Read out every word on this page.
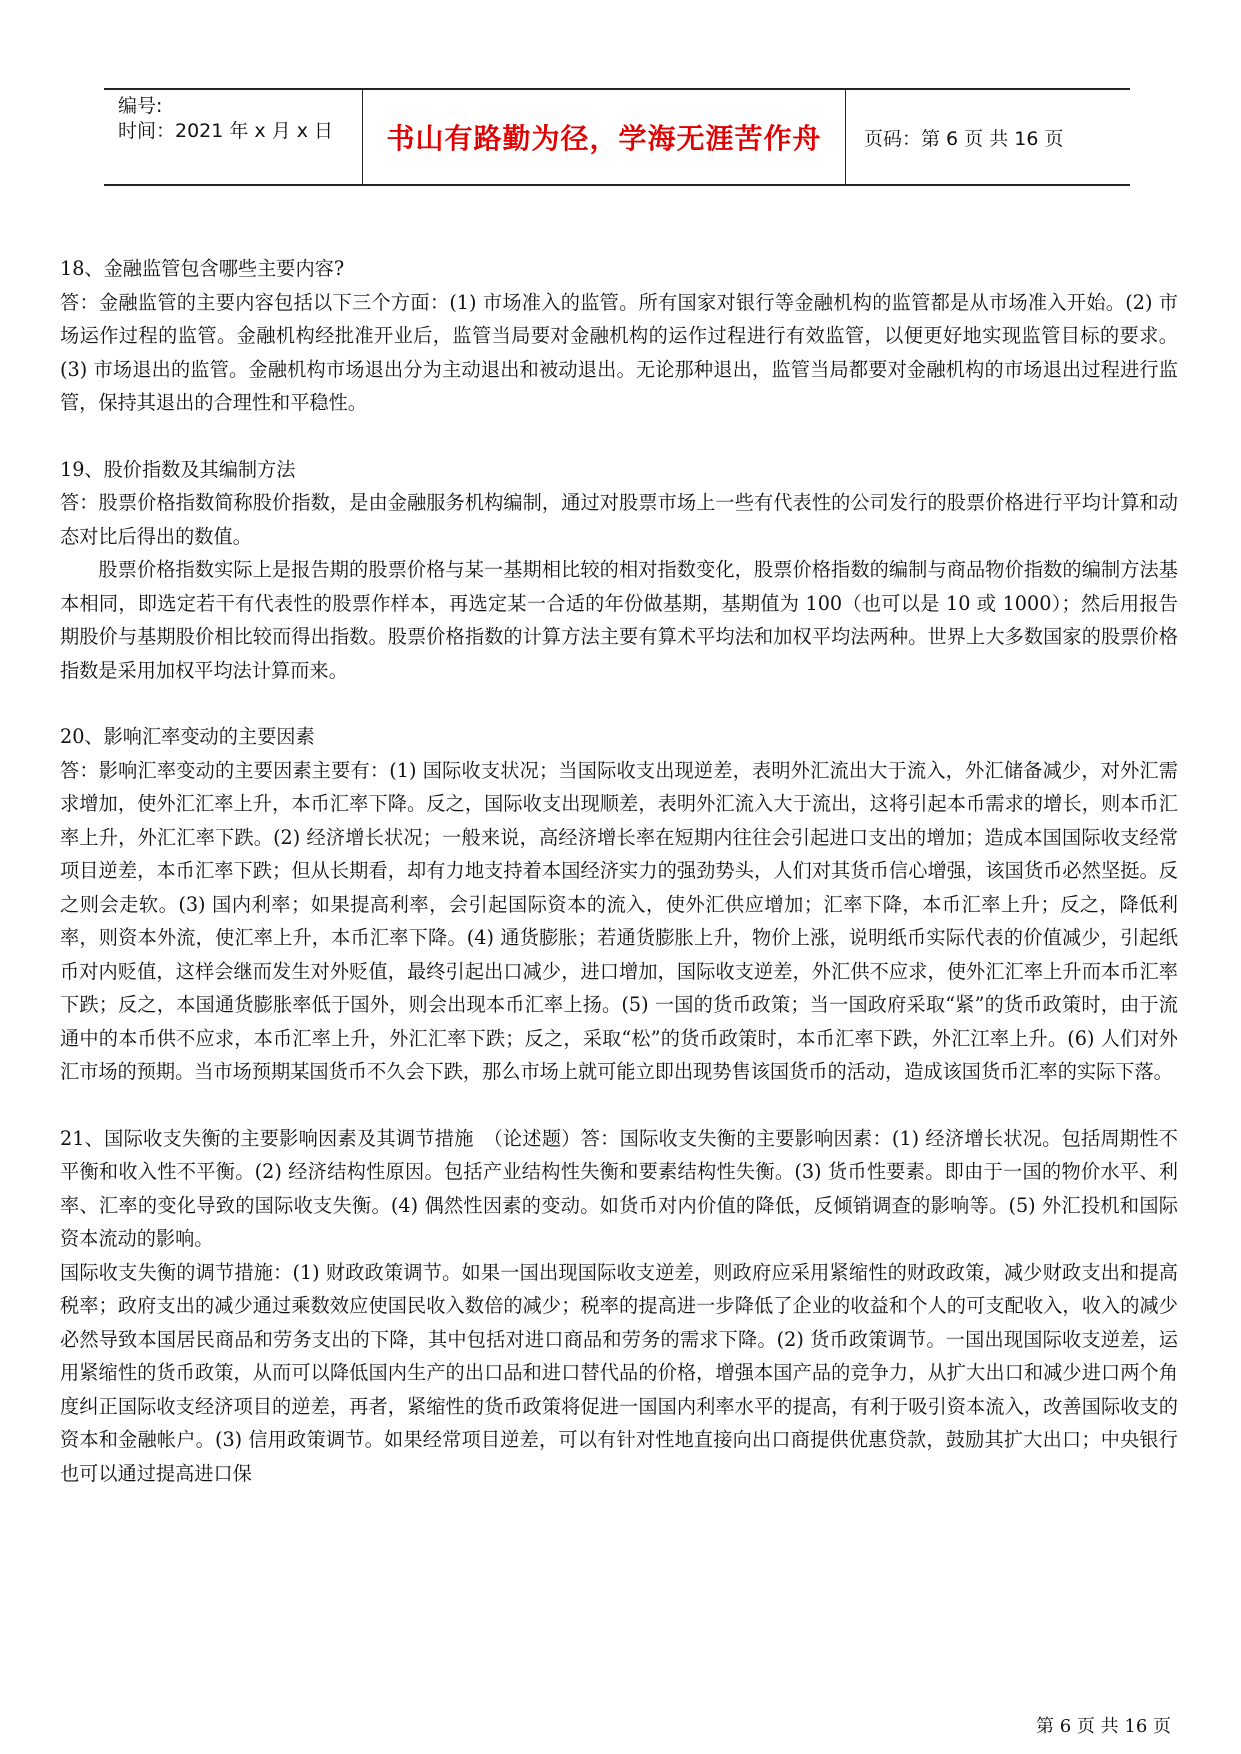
编号:
时间：2021 年 x 月 x 日 书山有路勤为径，学海无涯苦作舟 页码：第 6 页 共 16 页

18、金融监管包含哪些主要内容?

答：金融监管的主要内容包括以下三个方面：(1) 市场准入的监管。所有国家对银行等金融机构的监管都是从市场准入开始。(2) 市场运作过程的监管。金融机构经批准开业后，监管当局要对金融机构的运作过程进行有效监管，以便更好地实现监管目标的要求。(3) 市场退出的监管。金融机构市场退出分为主动退出和被动退出。无论那种退出，监管当局都要对金融机构的市场退出过程进行监管，保持其退出的合理性和平稳性。

19、股价指数及其编制方法

答：股票价格指数简称股价指数，是由金融服务机构编制，通过对股票市场上一些有代表性的公司发行的股票价格进行平均计算和动态对比后得出的数值。

股票价格指数实际上是报告期的股票价格与某一基期相比较的相对指数变化，股票价格指数的编制与商品物价指数的编制方法基本相同，即选定若干有代表性的股票作样本，再选定某一合适的年份做基期，基期值为 100（也可以是 10 或 1000）；然后用报告期股价与基期股价相比较而得出指数。股票价格指数的计算方法主要有算术平均法和加权平均法两种。世界上大多数国家的股票价格指数是采用加权平均法计算而来。

20、影响汇率变动的主要因素

答：影响汇率变动的主要因素主要有：(1) 国际收支状况；当国际收支出现逆差，表明外汇流出大于流入，外汇储备减少，对外汇需求增加，使外汇汇率上升，本币汇率下降。反之，国际收支出现顺差，表明外汇流入大于流出，这将引起本币需求的增长，则本币汇率上升，外汇汇率下跌。(2) 经济增长状况；一般来说，高经济增长率在短期内往往会引起进口支出的增加；造成本国国际收支经常项目逆差，本币汇率下跌；但从长期看，却有力地支持着本国经济实力的强劲势头，人们对其货币信心增强，该国货币必然坚挺。反之则会走软。(3) 国内利率；如果提高利率，会引起国际资本的流入，使外汇供应增加；汇率下降，本币汇率上升；反之，降低利率，则资本外流，使汇率上升，本币汇率下降。(4) 通货膨胀；若通货膨胀上升，物价上涨，说明纸币实际代表的价值减少，引起纸币对内贬值，这样会继而发生对外贬值，最终引起出口减少，进口增加，国际收支逆差，外汇供不应求，使外汇汇率上升而本币汇率下跌；反之，本国通货膨胀率低于国外，则会出现本币汇率上扬。(5) 一国的货币政策；当一国政府采取“紧”的货币政策时，由于流通中的本币供不应求，本币汇率上升，外汇汇率下跌；反之，采取“松”的货币政策时，本币汇率下跌，外汇江率上升。(6) 人们对外汇市场的预期。当市场预期某国货币不久会下跌，那么市场上就可能立即出现势售该国货币的活动，造成该国货币汇率的实际下落。

21、国际收支失衡的主要影响因素及其调节措施　（论述题）答：国际收支失衡的主要影响因素：(1) 经济增长状况。包括周期性不平衡和收入性不平衡。(2) 经济结构性原因。包括产业结构性失衡和要素结构性失衡。(3) 货币性要素。即由于一国的物价水平、利率、汇率的变化导致的国际收支失衡。(4) 偶然性因素的变动。如货币对内价值的降低，反倾销调查的影响等。(5) 外汇投机和国际资本流动的影响。

国际收支失衡的调节措施：(1) 财政政策调节。如果一国出现国际收支逆差，则政府应采用紧缩性的财政政策，减少财政支出和提高税率；政府支出的减少通过乘数效应使国民收入数倍的减少；税率的提高进一步降低了企业的收益和个人的可支配收入，收入的减少必然导致本国居民商品和劳务支出的下降，其中包括对进口商品和劳务的需求下降。(2) 货币政策调节。一国出现国际收支逆差，运用紧缩性的货币政策，从而可以降低国内生产的出口品和进口替代品的价格，增强本国产品的竞争力，从扩大出口和减少进口两个角度纠正国际收支经济项目的逆差，再者，紧缩性的货币政策将促进一国国内利率水平的提高，有利于吸引资本流入，改善国际收支的资本和金融帐户。(3) 信用政策调节。如果经常项目逆差，可以有针对性地直接向出口商提供优惠贷款，鼓励其扩大出口；中央银行也可以通过提高进口保

第 6 页 共 16 页
